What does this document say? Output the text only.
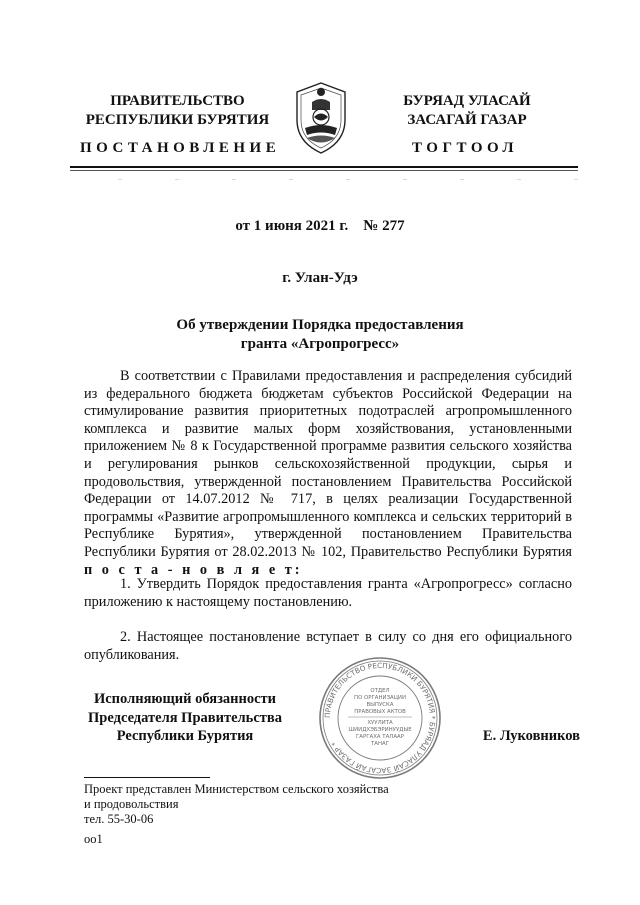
ПРАВИТЕЛЬСТВО
РЕСПУБЛИКИ БУРЯТИЯ
БУРЯАД УЛАСАЙ
ЗАСАГАЙ ГАЗАР
ПОСТАНОВЛЕНИЕ	ТОГТООЛ
..	..	..	..	..	..	..	..	..
от 1 июня 2021 г.    № 277
г. Улан-Удэ
Об утверждении Порядка предоставления
гранта «Агропрогресс»
В соответствии с Правилами предоставления и распределения субсидий из федерального бюджета бюджетам субъектов Российской Федерации на стимулирование развития приоритетных подотраслей агропромышленного комплекса и развитие малых форм хозяйствования, установленными приложением № 8 к Государственной программе развития сельского хозяйства и регулирования рынков сельскохозяйственной продукции, сырья и продовольствия, утвержденной постановлением Правительства Российской Федерации от 14.07.2012 № 717, в целях реализации Государственной программы «Развитие агропромышленного комплекса и сельских территорий в Республике Бурятия», утвержденной постановлением Правительства Республики Бурятия от 28.02.2013 № 102, Правительство Республики Бурятия п о с т а - н о в л я е т:
1. Утвердить Порядок предоставления гранта «Агропрогресс» согласно приложению к настоящему постановлению.
2. Настоящее постановление вступает в силу со дня его официального опубликования.
Исполняющий обязанности
Председателя Правительства
Республики Бурятия	Е. Луковников
ПРАВИТЕЛЬСТВО РЕСПУБЛИКИ БУРЯТИЯ * БУРЯАД УЛАСАЙ ЗАСАГАЙ ГАЗАР *
ОТДЕЛ
ПО ОРГАНИЗАЦИИ
ВЫПУСКА
ПРАВОВЫХ АКТОВ
ХУУЛИТА
ШИИДХЭБЭРИНУУДЫЕ
ГАРГАХА ТАЛААР
ТАНАГ
Проект представлен Министерством сельского хозяйства
и продовольствия
тел. 55-30-06
оо1
